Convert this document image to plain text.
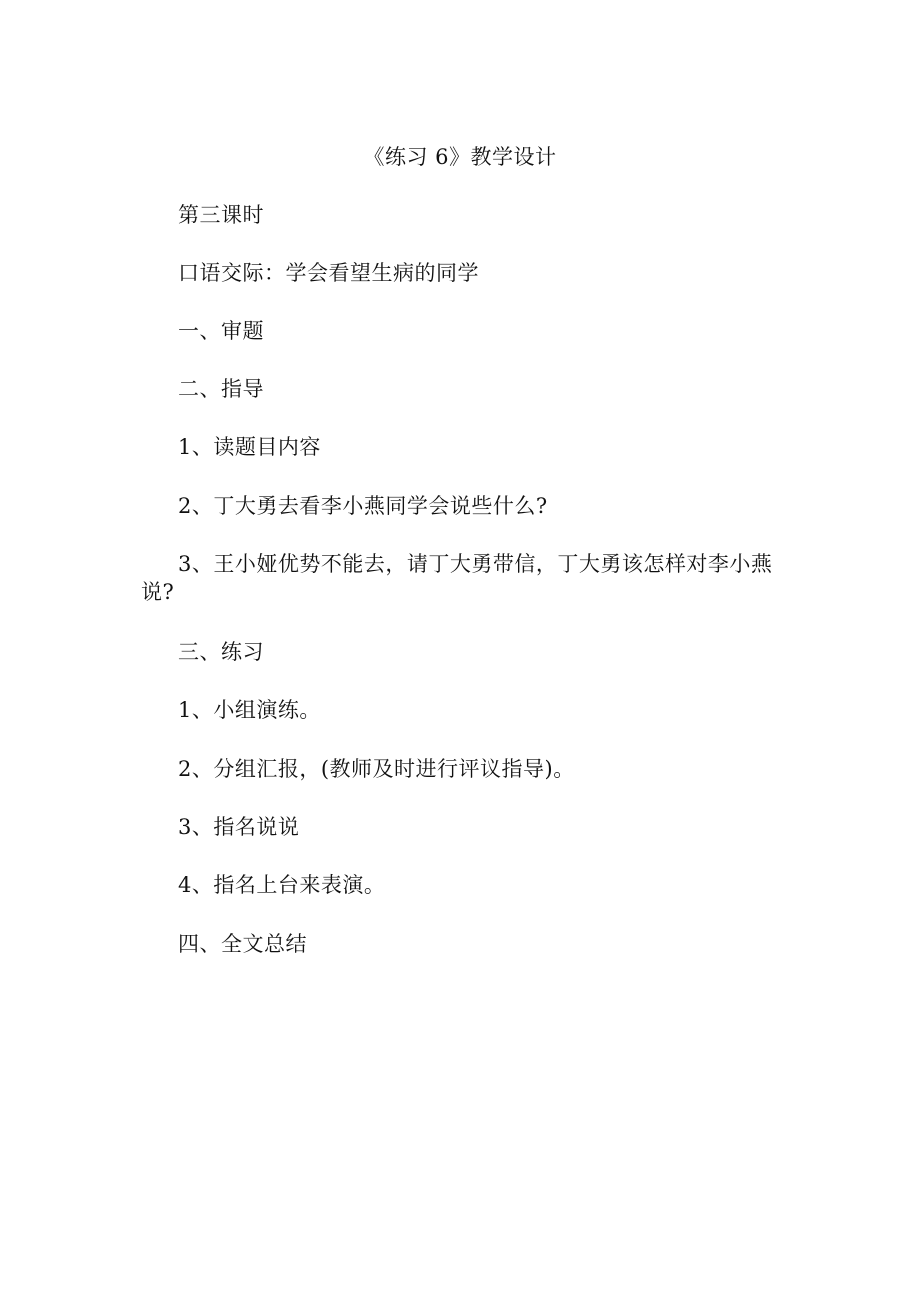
《练习 6》教学设计

第三课时

口语交际：学会看望生病的同学

一、审题

二、指导

1、读题目内容

2、丁大勇去看李小燕同学会说些什么?

3、王小娅优势不能去，请丁大勇带信，丁大勇该怎样对李小燕说?

三、练习

1、小组演练。

2、分组汇报，(教师及时进行评议指导)。

3、指名说说

4、指名上台来表演。

四、全文总结
